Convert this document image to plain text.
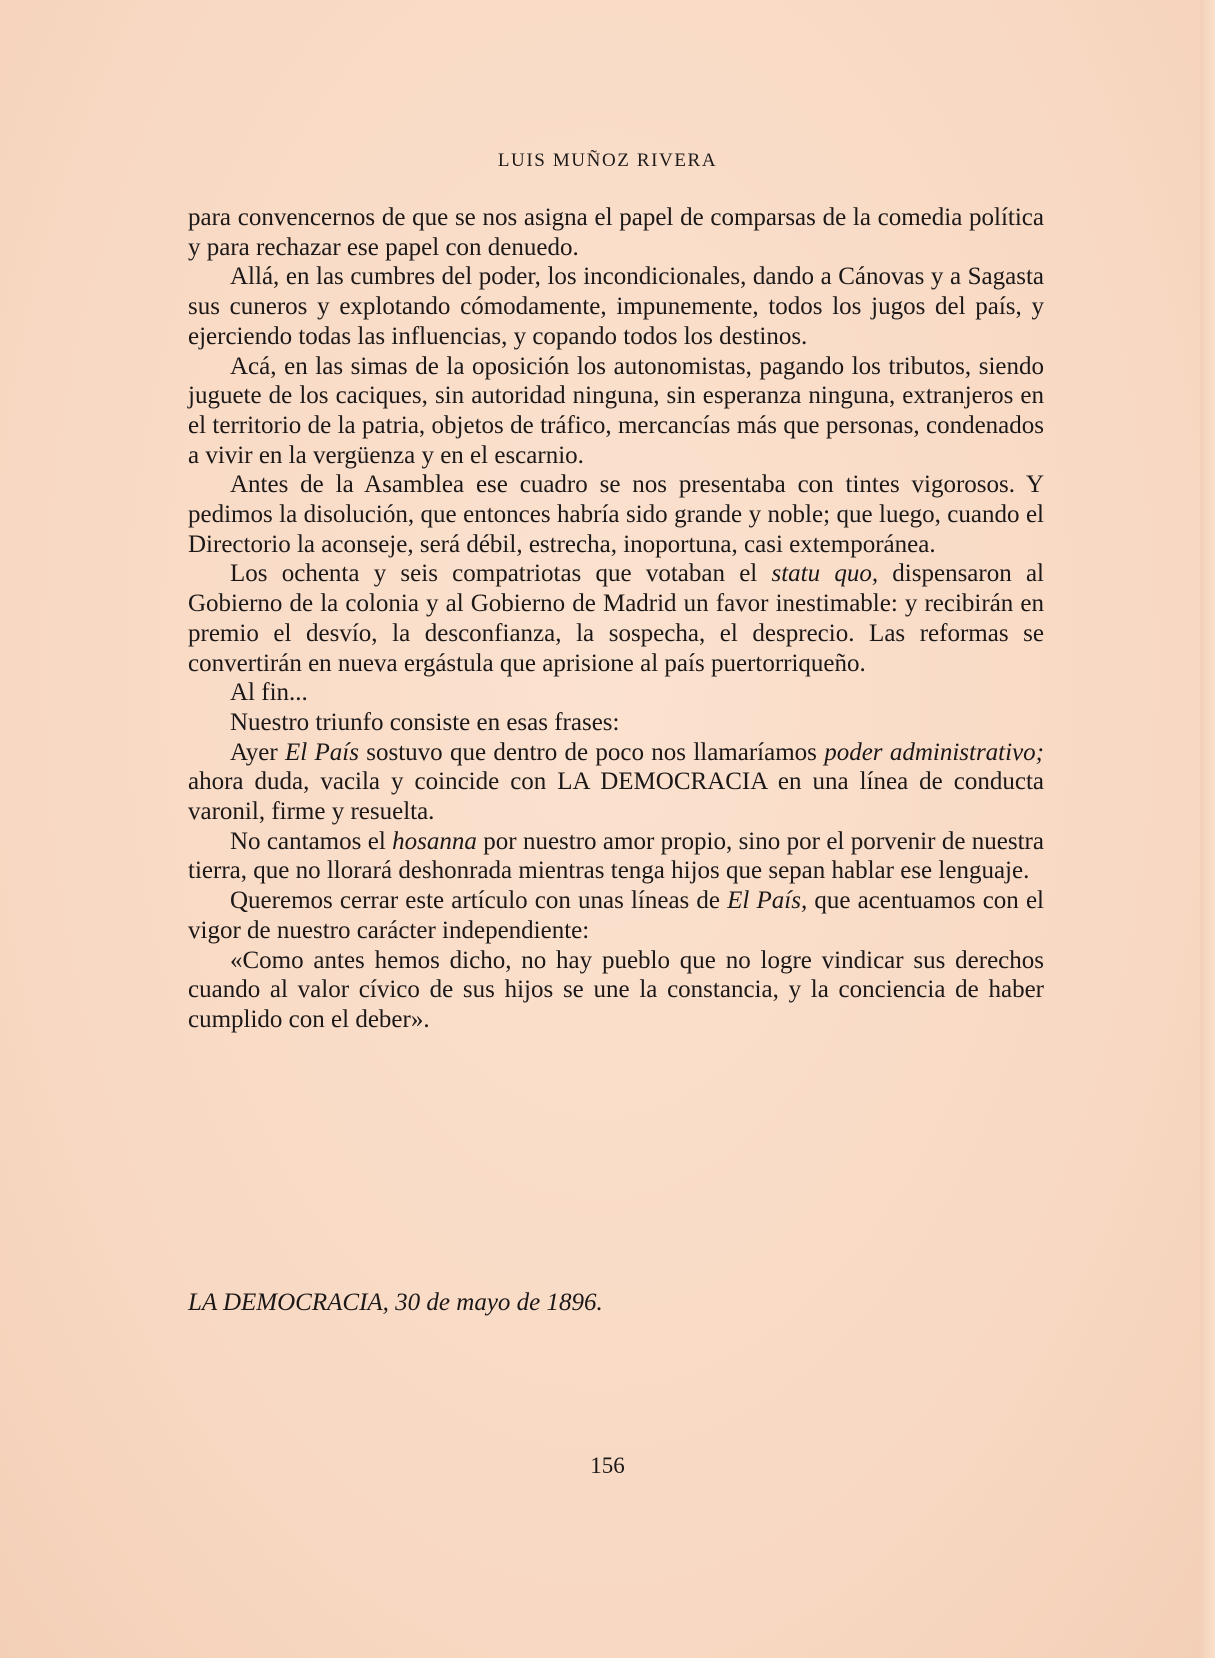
LUIS MUÑOZ RIVERA

para convencernos de que se nos asigna el papel de comparsas de la comedia política y para rechazar ese papel con denuedo.

Allá, en las cumbres del poder, los incondicionales, dando a Cánovas y a Sagasta sus cuneros y explotando cómodamente, impunemente, todos los jugos del país, y ejerciendo todas las influencias, y copando todos los destinos.

Acá, en las simas de la oposición los autonomistas, pagando los tributos, siendo juguete de los caciques, sin autoridad ninguna, sin esperanza ninguna, extranjeros en el territorio de la patria, objetos de tráfico, mercancías más que personas, condenados a vivir en la vergüenza y en el escarnio.

Antes de la Asamblea ese cuadro se nos presentaba con tintes vigorosos. Y pedimos la disolución, que entonces habría sido grande y noble; que luego, cuando el Directorio la aconseje, será débil, estrecha, inoportuna, casi extemporánea.

Los ochenta y seis compatriotas que votaban el statu quo, dispensaron al Gobierno de la colonia y al Gobierno de Madrid un favor inestimable: y recibirán en premio el desvío, la desconfianza, la sospecha, el desprecio. Las reformas se convertirán en nueva ergástula que aprisione al país puertorriqueño.

Al fin...

Nuestro triunfo consiste en esas frases:

Ayer El País sostuvo que dentro de poco nos llamaríamos poder administrativo; ahora duda, vacila y coincide con LA DEMOCRACIA en una línea de conducta varonil, firme y resuelta.

No cantamos el hosanna por nuestro amor propio, sino por el porvenir de nuestra tierra, que no llorará deshonrada mientras tenga hijos que sepan hablar ese lenguaje.

Queremos cerrar este artículo con unas líneas de El País, que acentuamos con el vigor de nuestro carácter independiente:

«Como antes hemos dicho, no hay pueblo que no logre vindicar sus derechos cuando al valor cívico de sus hijos se une la constancia, y la conciencia de haber cumplido con el deber».

LA DEMOCRACIA, 30 de mayo de 1896.
156
